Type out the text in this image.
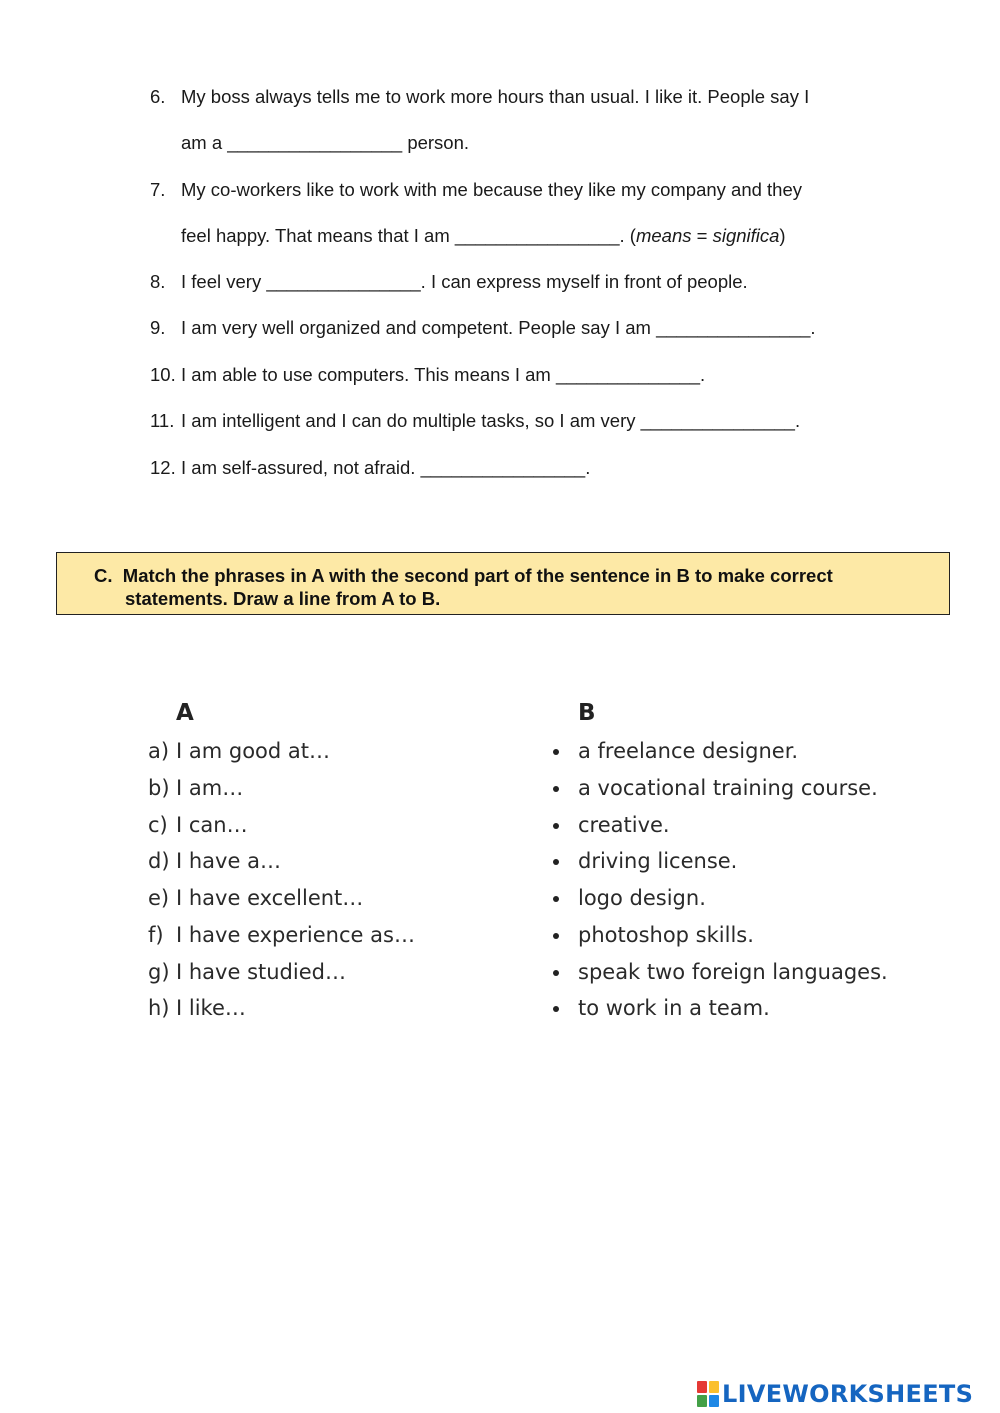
6. My boss always tells me to work more hours than usual. I like it. People say I
am a _________________ person.
7. My co-workers like to work with me because they like my company and they
feel happy. That means that I am ________________. (means = significa)
8. I feel very _______________. I can express myself in front of people.
9. I am very well organized and competent. People say I am _______________.
10. I am able to use computers. This means I am ______________.
11. I am intelligent and I can do multiple tasks, so I am very _______________.
12. I am self-assured, not afraid. ________________.
C. Match the phrases in A with the second part of the sentence in B to make correct
statements. Draw a line from A to B.
A	B
a) I am good at…
b) I am…
c) I can…
d) I have a…
e) I have excellent…
f) I have experience as…
g) I have studied…
h) I like…
a freelance designer.
a vocational training course.
creative.
driving license.
logo design.
photoshop skills.
speak two foreign languages.
to work in a team.
LIVEWORKSHEETS
